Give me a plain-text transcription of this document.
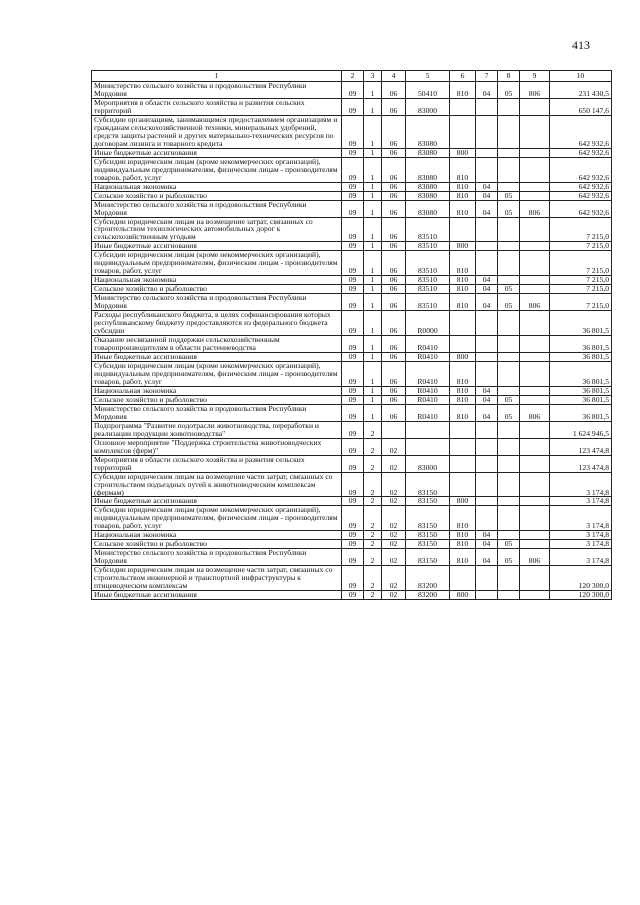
413
1	2	3	4	5	6	7	8	9	10
Министерство сельского хозяйства и продовольствия Республики Мордовия	09	1	06	50410	810	04	05	806	231 430,5
Мероприятия в области сельского хозяйства и развития сельских территорий	09	1	06	83000					650 147,6
Субсидии организациям, занимающимся предоставлением организациям и гражданам сельскохозяйственной техники, минеральных удобрений, средств защиты растений и других материально-технических ресурсов по договорам лизинга и товарного кредита	09	1	06	83080					642 932,6
Иные бюджетные ассигнования	09	1	06	83080	800				642 932,6
Субсидии юридическим лицам (кроме некоммерческих организаций), индивидуальным предпринимателям, физическим лицам - производителям товаров, работ, услуг	09	1	06	83080	810				642 932,6
Национальная экономика	09	1	06	83080	810	04			642 932,6
Сельское хозяйство и рыболовство	09	1	06	83080	810	04	05		642 932,6
Министерство сельского хозяйства и продовольствия Республики Мордовия	09	1	06	83080	810	04	05	806	642 932,6
Субсидии юридическим лицам на возмещение затрат, связанных со строительством технологических автомобильных дорог к сельскохозяйственным угодьям	09	1	06	83510					7 215,0
Иные бюджетные ассигнования	09	1	06	83510	800				7 215,0
Субсидии юридическим лицам (кроме некоммерческих организаций), индивидуальным предпринимателям, физическим лицам - производителям товаров, работ, услуг	09	1	06	83510	810				7 215,0
Национальная экономика	09	1	06	83510	810	04			7 215,0
Сельское хозяйство и рыболовство	09	1	06	83510	810	04	05		7 215,0
Министерство сельского хозяйства и продовольствия Республики Мордовия	09	1	06	83510	810	04	05	806	7 215,0
Расходы республиканского бюджета, в целях софинансирования которых республиканскому бюджету предоставляются из федерального бюджета субсидии	09	1	06	R0000					36 801,5
Оказание несвязанной поддержки сельскохозяйственным товаропроизводителям в области растениеводства	09	1	06	R0410					36 801,5
Иные бюджетные ассигнования	09	1	06	R0410	800				36 801,5
Субсидии юридическим лицам (кроме некоммерческих организаций), индивидуальным предпринимателям, физическим лицам - производителям товаров, работ, услуг	09	1	06	R0410	810				36 801,5
Национальная экономика	09	1	06	R0410	810	04			36 801,5
Сельское хозяйство и рыболовство	09	1	06	R0410	810	04	05		36 801,5
Министерство сельского хозяйства и продовольствия Республики Мордовия	09	1	06	R0410	810	04	05	806	36 801,5
Подпрограмма "Развитие подотрасли животноводства, переработки и реализации продукции животноводства"	09	2							1 624 946,5
Основное мероприятие "Поддержка строительства животноводческих комплексов (ферм)"	09	2	02						123 474,8
Мероприятия в области сельского хозяйства и развития сельских территорий	09	2	02	83000					123 474,8
Субсидии юридическим лицам на возмещение части затрат, связанных со строительством подъездных путей к животноводческим комплексам (фермам)	09	2	02	83150					3 174,8
Иные бюджетные ассигнования	09	2	02	83150	800				3 174,8
Субсидии юридическим лицам (кроме некоммерческих организаций), индивидуальным предпринимателям, физическим лицам - производителям товаров, работ, услуг	09	2	02	83150	810				3 174,8
Национальная экономика	09	2	02	83150	810	04			3 174,8
Сельское хозяйство и рыболовство	09	2	02	83150	810	04	05		3 174,8
Министерство сельского хозяйства и продовольствия Республики Мордовия	09	2	02	83150	810	04	05	806	3 174,8
Субсидии юридическим лицам на возмещение части затрат, связанных со строительством инженерной и транспортной инфраструктуры к птицеводческим комплексам	09	2	02	83200					120 300,0
Иные бюджетные ассигнования	09	2	02	83200	800				120 300,0
